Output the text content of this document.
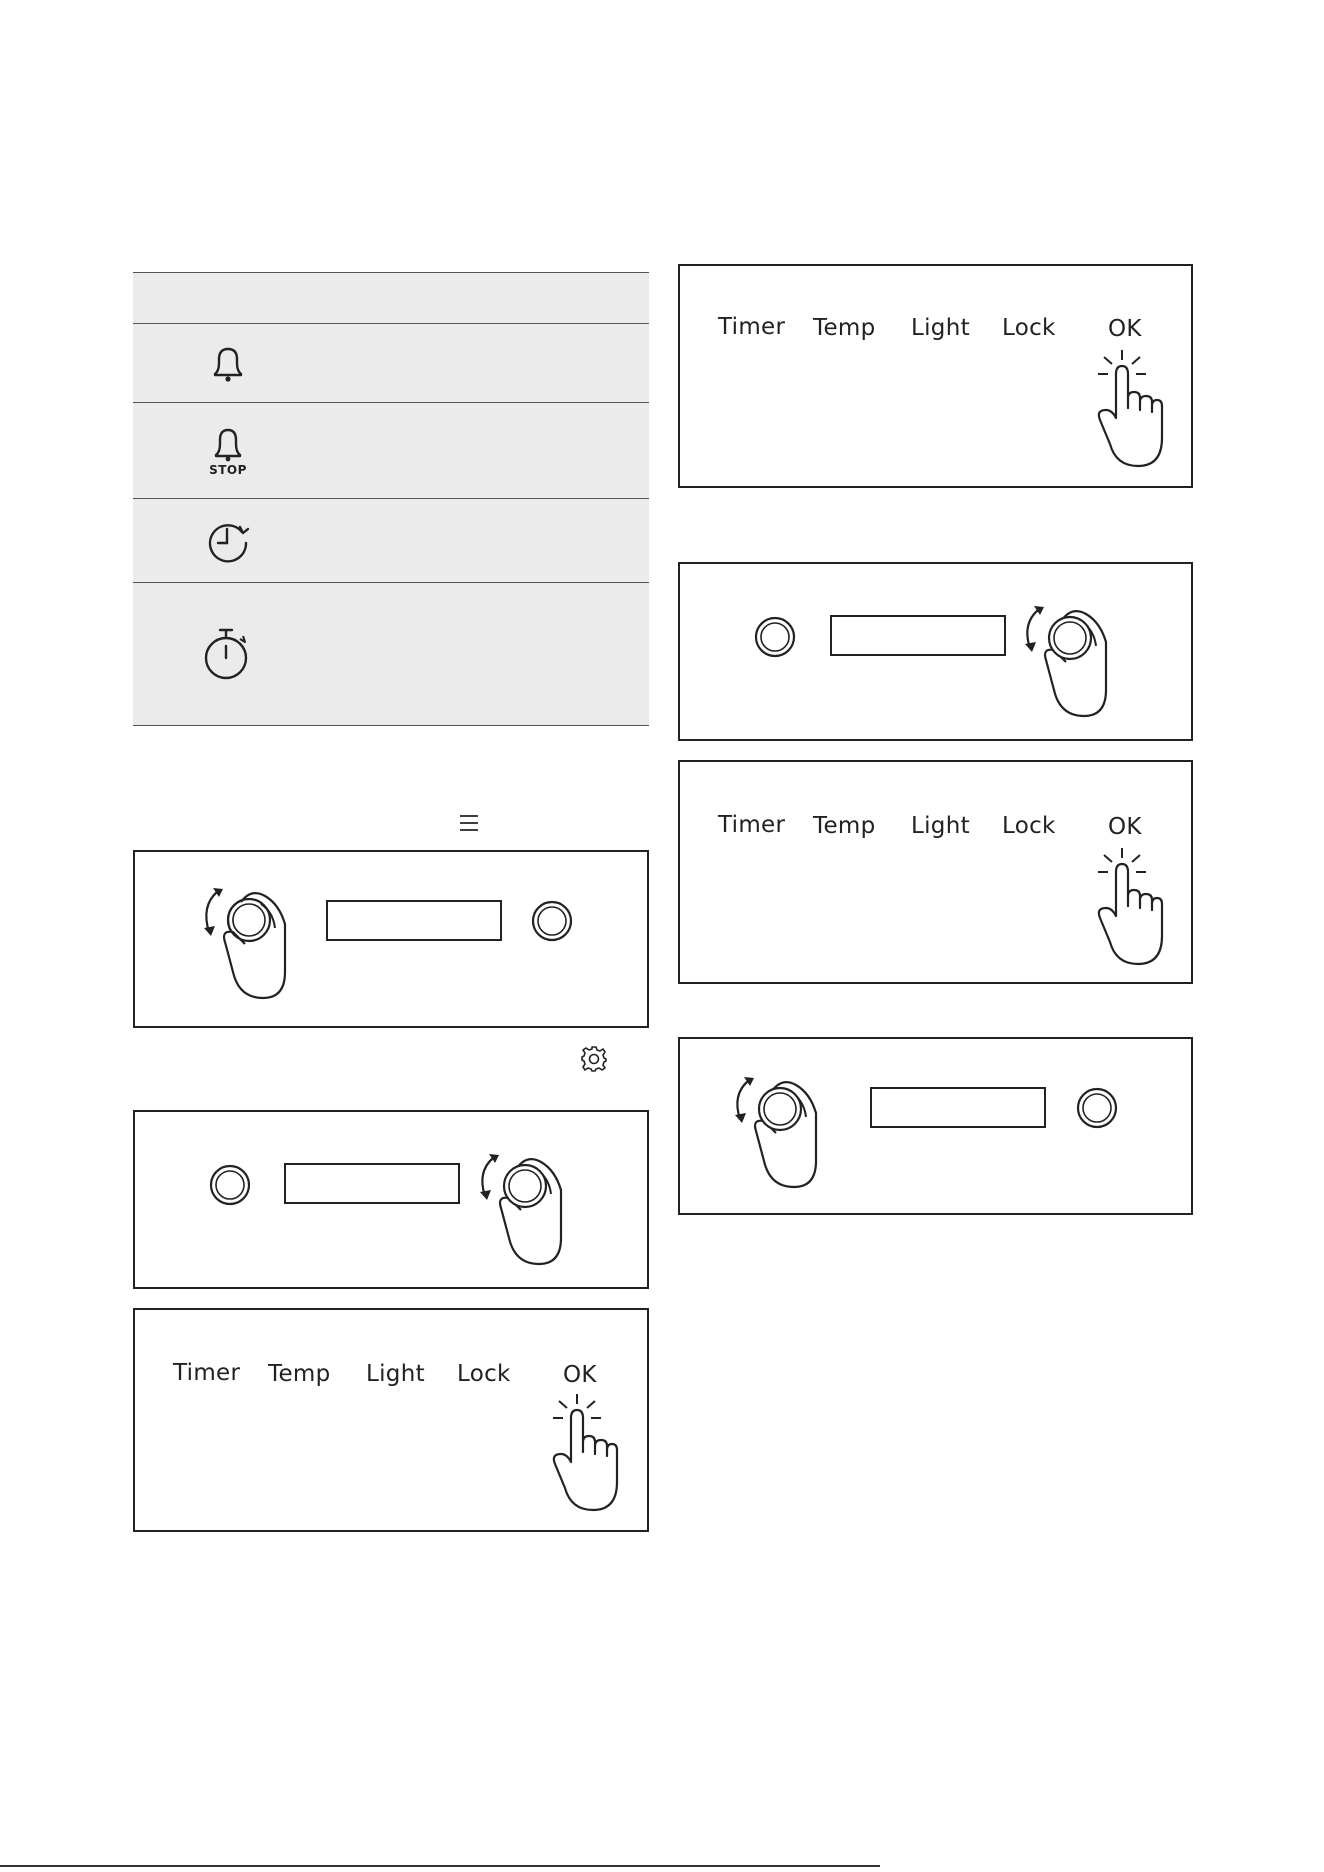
STOP
Timer Temp Light Lock OK
Timer Temp Light Lock OK
Timer Temp Light Lock OK
